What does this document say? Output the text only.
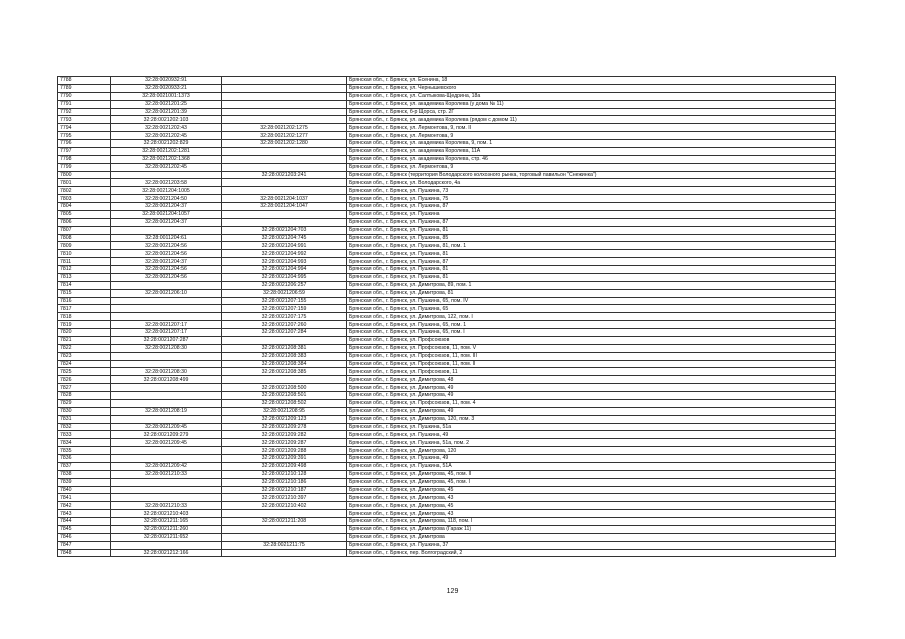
7788	32:28:0020932:91		Брянская обл., г. Брянск, ул. Есенина, 18
7789	32:28:0020933:21		Брянская обл., г. Брянск, ул. Чернышевского
7790	32:28:0021001:1373		Брянская обл., г. Брянск, ул. Салтыкова-Щедрина, 18а
7791	32:28:0021201:25		Брянская обл., г. Брянск, ул. академика Королева (у дома № 11)
7792	32:28:0021201:39		Брянская обл., г. Брянск, б-р Щорса, стр. 2Г
7793	32:28:0021202:103		Брянская обл., г. Брянск, ул. академика Королева (рядом с домом 11)
7794	32:28:0021202:43	32:28:0021202:1275	Брянская обл., г. Брянск, ул. Лермонтова, 9, пом. II
7795	32:28:0021202:45	32:28:0021202:1277	Брянская обл., г. Брянск, ул. Лермонтова, 9
7796	32:28:0021202:829	32:28:0021202:1280	Брянская обл., г. Брянск, ул. академика Королева, 9, пом. 1
7797	32:28:0021202:1281		Брянская обл., г. Брянск, ул. академика Королева, 11А
7798	32:28:0021202:1368		Брянская обл., г. Брянск, ул. академика Королева, стр. 46
7799	32:28:0021202:45		Брянская обл., г. Брянск, ул. Лермонтова, 9
7800		32:28:0021203:241	Брянская обл., г. Брянск (территория Володарского колхозного рынка, торговый павильон "Снежинка")
7801	32:28:0021203:58		Брянская обл., г. Брянск, ул. Володарского, 4а
7802	32:28:0021204:1005		Брянская обл., г. Брянск, ул. Пушкина, 73
7803	32:28:0021204:50	32:28:0021204:1037	Брянская обл., г. Брянск, ул. Пушкина, 75
7804	32:28:0021204:37	32:28:0021204:1047	Брянская обл., г. Брянск, ул. Пушкина, 87
7805	32:28:0021204:1057		Брянская обл., г. Брянск, ул. Пушкина
7806	32:28:0021204:37		Брянская обл., г. Брянск, ул. Пушкина, 87
7807		32:28:0021204:703	Брянская обл., г. Брянск, ул. Пушкина, 81
7808	32:28:0011204:61	32:28:0021204:745	Брянская обл., г. Брянск, ул. Пушкина, 85
7809	32:28:0021204:56	32:28:0021204:991	Брянская обл., г. Брянск, ул. Пушкина, 81, пом. 1
7810	32:28:0021204:56	32:28:0021204:992	Брянская обл., г. Брянск, ул. Пушкина, 81
7811	32:28:0021204:37	32:28:0021204:993	Брянская обл., г. Брянск, ул. Пушкина, 87
7812	32:28:0021204:56	32:28:0021204:994	Брянская обл., г. Брянск, ул. Пушкина, 81
7813	32:28:0021204:56	32:28:0021204:995	Брянская обл., г. Брянск, ул. Пушкина, 81
7814		32:28:0021206:257	Брянская обл., г. Брянск, ул. Димитрова, 89, пом. 1
7815	32:28:0021206:10	32:28:0021206:59	Брянская обл., г. Брянск, ул. Димитрова, 81
7816		32:28:0021207:155	Брянская обл., г. Брянск, ул. Пушкина, 65, пом. IV
7817		32:28:0021207:159	Брянская обл., г. Брянск, ул. Пушкина, 65
7818		32:28:0021207:175	Брянская обл., г. Брянск, ул. Димитрова, 122, пом. I
7819	32:28:0021207:17	32:28:0021207:260	Брянская обл., г. Брянск, ул. Пушкина, 65, пом. 1
7820	32:28:0021207:17	32:28:0021207:284	Брянская обл., г. Брянск, ул. Пушкина, 65, пом. I
7821	32:28:0021207:287		Брянская обл., г. Брянск, ул. Профсоюзов
7822	32:28:0021208:30	32:28:0021208:381	Брянская обл., г. Брянск, ул. Профсоюзов, 11, пом. V
7823		32:28:0021208:383	Брянская обл., г. Брянск, ул. Профсоюзов, 11, пом. III
7824		32:28:0021208:384	Брянская обл., г. Брянск, ул. Профсоюзов, 11, пом. II
7825	32:28:0021208:30	32:28:0021208:385	Брянская обл., г. Брянск, ул. Профсоюзов, 11
7826	32:28:0021208:499		Брянская обл., г. Брянск, ул. Димитрова, 48
7827		32:28:0021208:500	Брянская обл., г. Брянск, ул. Димитрова, 49
7828		32:28:0021208:501	Брянская обл., г. Брянск, ул. Димитрова, 49
7829		32:28:0021208:502	Брянская обл., г. Брянск, ул. Профсоюзов, 11, пом. 4
7830	32:28:0021208:19	32:28:0021208:95	Брянская обл., г. Брянск, ул. Димитрова, 49
7831		32:28:0021209:123	Брянская обл., г. Брянск, ул. Димитрова, 120, пом. 3
7832	32:28:0021209:45	32:28:0021209:278	Брянская обл., г. Брянск, ул. Пушкина, 51а
7833	32:28:0021209:279	32:28:0021209:282	Брянская обл., г. Брянск, ул. Пушкина, 49
7834	32:28:0021209:45	32:28:0021209:287	Брянская обл., г. Брянск, ул. Пушкина, 51а, пом. 2
7835		32:28:0021209:288	Брянская обл., г. Брянск, ул. Димитрова, 120
7836		32:28:0021209:391	Брянская обл., г. Брянск, ул. Пушкина, 49
7837	32:28:0021209:42	32:28:0021209:498	Брянская обл., г. Брянск, ул. Пушкина, 51А
7838	32:28:0021210:33	32:28:0021210:128	Брянская обл., г. Брянск, ул. Димитрова, 45, пом. II
7839		32:28:0021210:186	Брянская обл., г. Брянск, ул. Димитрова, 45, пом. I
7840		32:28:0021210:187	Брянская обл., г. Брянск, ул. Димитрова, 45
7841		32:28:0021210:397	Брянская обл., г. Брянск, ул. Димитрова, 43
7842	32:28:0021210:33	32:28:0021210:402	Брянская обл., г. Брянск, ул. Димитрова, 45
7843	32:28:0021210:403		Брянская обл., г. Брянск, ул. Димитрова, 43
7844	32:28:0021211:165	32:28:0021211:208	Брянская обл., г. Брянск, ул. Димитрова, 118, пом. I
7845	32:28:0021211:260		Брянская обл., г. Брянск, ул. Димитрова (Гараж 11)
7846	32:28:0021211:652		Брянская обл., г. Брянск, ул. Димитрова
7847		32:28:0021211:75	Брянская обл., г. Брянск, ул. Пушкина, 37
7848	32:28:0021212:166		Брянская обл., г. Брянск, пер. Волгоградский, 2
129
